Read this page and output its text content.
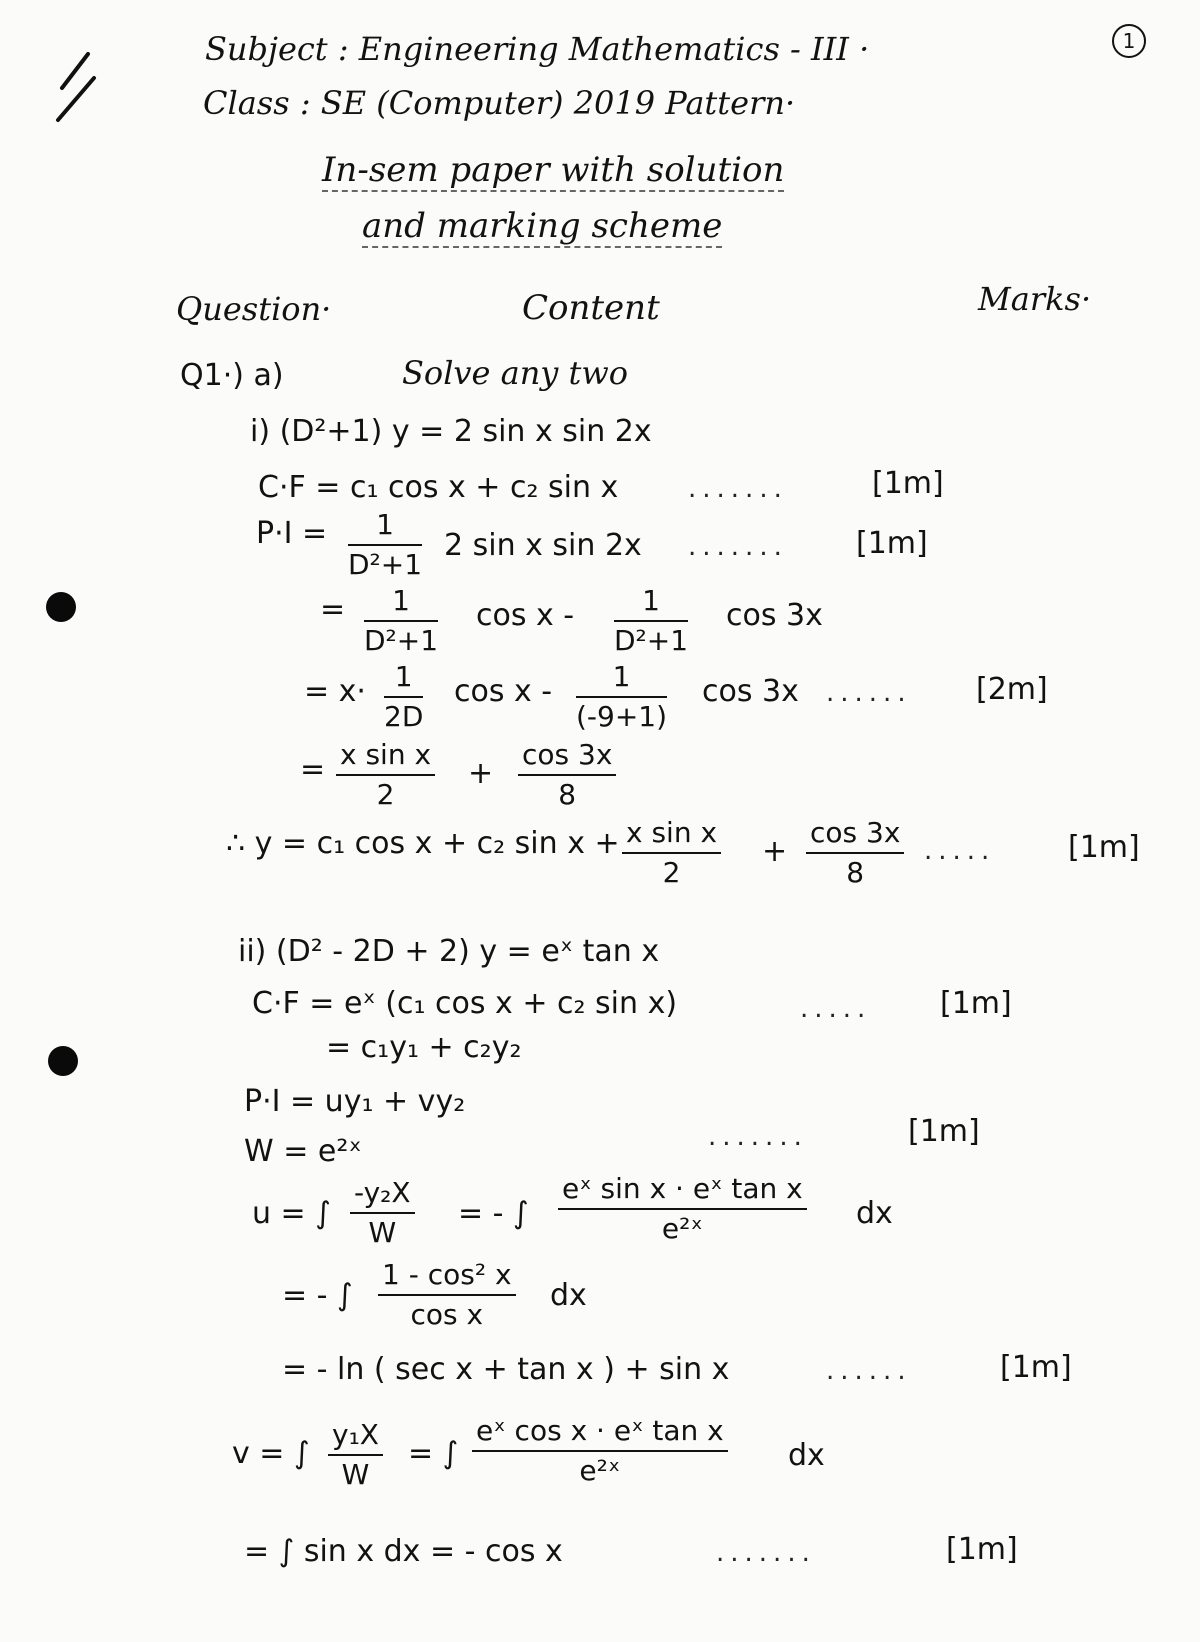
1
Subject : Engineering Mathematics - III ·
Class : SE (Computer) 2019 Pattern·
In-sem paper with solution
and marking scheme
Question·	Content	Marks·
Q1·) a)	Solve any two
i) (D²+1) y = 2 sin x sin 2x
C·F = c₁ cos x + c₂ sin x	.......	[1m]
$P\cdot I = \frac{1}{\text{D²+1}} 2$ sin x sin 2x ....... [1m]
= $\frac{1}{\text{D²+1}}$ cos x - $\frac{1}{\text{D²+1}}$ cos 3x
= $x\cdot \frac{1}{2D}$ cos x - $\frac{1}{(-9+1)}$ cos 3x ...... [2m]
= $\frac{\text{x sin x}}{2} + \frac{\cos 3x}{8}$
∴ y = c₁ cos x + c₂ $\sin x + \frac{\text{x sin x}}{2} + \frac{\cos 3x}{8}$ ..... [1m]
ii) (D² - 2D + 2) y = eˣ tan x
C·F = eˣ (c₁ cos x + c₂ sin x)	..... [1m]
= c₁y₁ + c₂y₂
P·I = uy₁ + vy₂
W = e²ˣ	.......	[1m]
u = ∫ $\frac{\text{-y₂X}}{W}$ = - ∫ $\frac{\text{eˣ sin x · eˣ tan x}}{\text{e²ˣ}}$ dx
= - ∫ $\frac{\text{1 - cos² x}}{\text{cos x}}$ dx
= - ln ( sec x + tan x ) + sin x	......	[1m]
v = ∫ $\frac{\text{y₁X}}{W}$ = ∫ $\frac{\text{eˣ cos x · eˣ tan x}}{\text{e²ˣ}}$ dx
= ∫ sin x dx = - cos x	.......	[1m]
